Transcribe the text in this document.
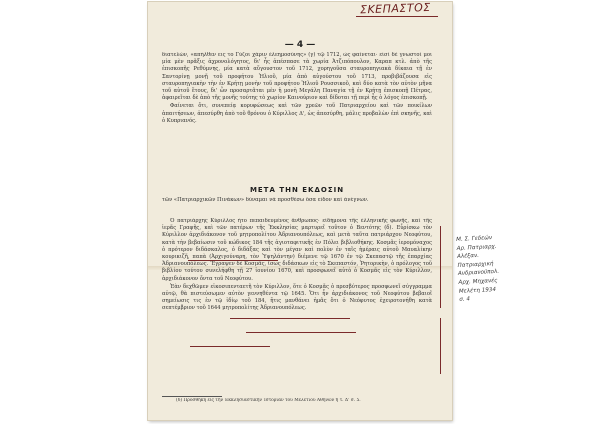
ΣΚΕΠΑΣΤΟΣ
— 4 —

διατελών, «απήλθεν εις το Γύζοι χάριν έλεημοσύνης» (γ) τῷ 1712, ὡς φαίνεται· εἰσὶ δὲ γνωστοί μοι μία μὲν πρᾶξις ἀχρονολόγητος, δι' ἧς ἀπέσπασε τὰ χωρία Ἀτζιπόπουλον, Καραπ κτλ. ἀπὸ τῆς ἐπισκοπῆς Ρεθύμνης, μία κατὰ αὔγουστον τοῦ 1712, χορηγοῦσα σταυροπηγιακὰ δίκαια τῇ ἐν Σαντορίνῃ μονῇ τοῦ προφήτου Ἠλιοῦ, μία ἀπὸ αὐγούστου τοῦ 1713, προβιβάζουσα εἰς σταυροπηγιακὴν τὴν ἐν Κρήτῃ μονὴν τοῦ προφήτου Ἠλιοῦ Ρουσσικοῦ, καὶ δύο κατὰ τὸν αὐτὸν μῆνα τοῦ αὐτοῦ ἔτους, δι' ὧν προσαρτᾶται μὲν ἡ μονὴ Μεγάλη Παναγία τῇ ἐν Κρήτῃ ἐπισκοπῇ Πέτρας, ἀφαιρεῖται δὲ ἀπὸ τῆς μονῆς τούτης τὸ χωρίον Καινούριον καὶ δίδοται τῇ περὶ ἧς ὁ λόγος ἐπισκοπῇ.

Φαίνεται ὅτι, συνεπείᾳ κορυφώσεως καὶ τῶν χρεῶν τοῦ Πατριαρχείου καὶ τῶν ποικίλων ἀπαιτήσεων, ἀπεσύρθη ἀπὸ τοῦ θρόνου ὁ Κύριλλος Δ', ὡς ἀπεσύρθη, μάλις προβαλὼν ἐπὶ σκηνῆς, καὶ ὁ Κυπριανός.

ΜΕΤΑ ΤΗΝ ΕΚΔΟΣΙΝ

τῶν «Πατριαρχικῶν Πινάκων» δύναμαι νὰ προσθέσω ὅσα εἶδον καὶ ἀνέγνων.

Ὁ πατριάρχης Κύριλλος ἦτο πεπαιδευμένος ἄνθρωπος· εἰδήμονα τῆς ἑλληνικῆς φωνῆς, καὶ τῆς ἱερᾶς Γραφῆς, καὶ τῶν πατέρων τῆς Ἐκκλησίας μαρτυρεῖ τοῦτον ὁ Βεντότης (δ). Εὗρίσκω τὸν Κύριλλον ἀρχιδιάκονον τοῦ μητροπολίτου Ἀδριανουπόλεως, καὶ μετὰ ταῦτα πατριάρχου Νεοφύτου, κατὰ τὴν βεβαίωσιν τοῦ κώδικος 184 τῆς ἁγιοταφιτικῆς ἐν Πόλει βιβλιοθήκης. Κοσμᾶς ἱερομόναχος ὁ πρότερον διδάσκαλος, ὁ διδάξας καὶ τὸν μέγαν καὶ πολὺν ἐν ταῖς ἡμέραις αὐτοῦ Μαυαλίκην κουρικιζῆ, παπὰ (Ἀρχιγούναρη, τὸν Ὑψηλάντην) διέμενε τῷ 1670 ἐν τῷ Σκεπαστῷ τῆς ἐπαρχίας Ἀδριανουπόλεως. Ἔγραψεν δὲ Κοσμᾶς, ἴσως διδάσκων εἰς τὸ Σκεπαστόν, Ῥητορικὴν, ὁ πρόλογος τοῦ βιβλίου τούτου συνελήφθη τῇ 27 ἰουνίου 1670, καὶ προσφωνεῖ αὐτὸ ὁ Κοσμᾶς εἰς τὸν Κύριλλον, ἀρχιδιάκονον ὄντα τοῦ Νεοφύτου.

Ἐὰν δεχθῶμεν εἰκοσιπενταετῆ τὸν Κύριλλον, ὅτε ὁ Κοσμᾶς ὁ πρεσβύτερος προσφωνεῖ σύγγραμμα αὐτῷ, θὰ πιστεύσωμεν αὐτὸν γεννηθέντα τῷ 1645. Ὅτι ἦν ἀρχιδιάκονος τοῦ Νεοφύτου βεβαιοῖ σημείωσις τις ἐν τῷ ἰδίῳ τοῦ 184, ἣτις μανθάνει ἡμᾶς ὅτι ὁ Νεόφυτος ἐχειροτονήθη κατὰ σεπτέμβριον τοῦ 1644 μητροπολίτης Ἀδριανουπόλεως.

(δ) Προσθήκη εἰς τὴν Ἐκκλησιαστικὴν Ἱστορίαν τοῦ Μελετίου Ἀθηνῶν ἤ τ. Δ' σ. 5.
Μ. Σ. Γεδεών
Αρ. Πατριαρχ.
Αλέξαν.
Πατριαρχική
Ανδριανούπολ.
Αρχ. Μηχανές
Μελέτη 1934
σ. 4
